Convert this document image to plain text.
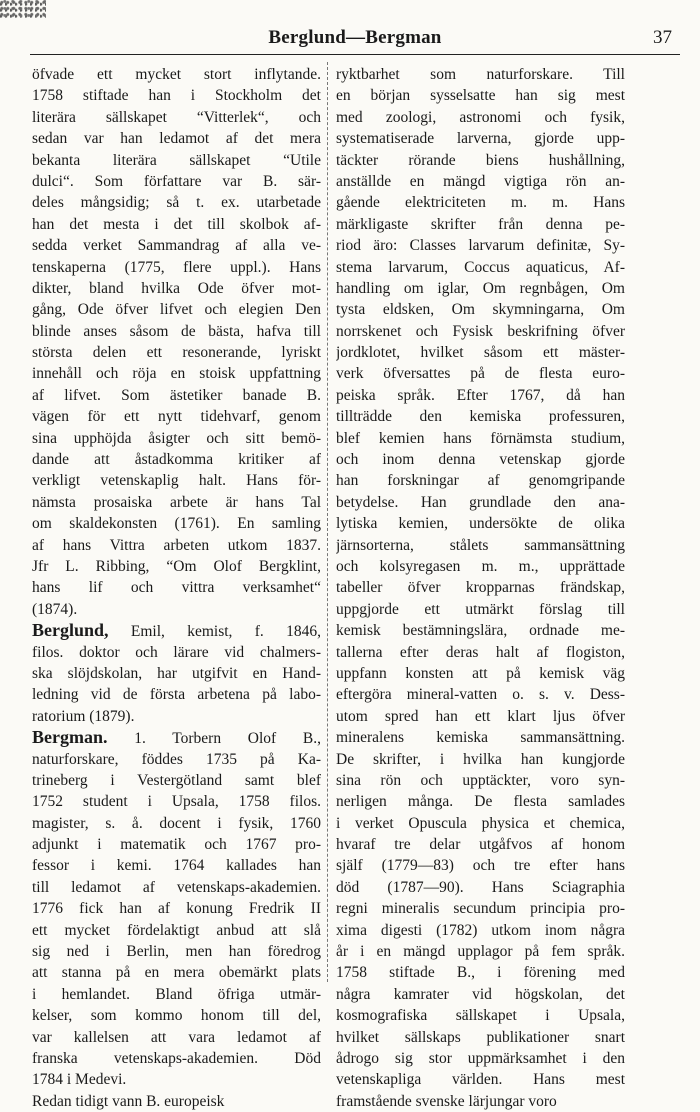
Berglund—Bergman	37
öfvade ett mycket stort inflytande.
1758 stiftade han i Stockholm det
literära sällskapet “Vitterlek“, och
sedan var han ledamot af det mera
bekanta literära sällskapet “Utile
dulci“. Som författare var B. sär-
deles mångsidig; så t. ex. utarbetade
han det mesta i det till skolbok af-
sedda verket Sammandrag af alla ve-
tenskaperna (1775, flere uppl.). Hans
dikter, bland hvilka Ode öfver mot-
gång, Ode öfver lifvet och elegien Den
blinde anses såsom de bästa, hafva till
största delen ett resonerande, lyriskt
innehåll och röja en stoisk uppfattning
af lifvet. Som ästetiker banade B.
vägen för ett nytt tidehvarf, genom
sina upphöjda åsigter och sitt bemö-
dande att åstadkomma kritiker af
verkligt vetenskaplig halt. Hans för-
nämsta prosaiska arbete är hans Tal
om skaldekonsten (1761). En samling
af hans Vittra arbeten utkom 1837.
Jfr L. Ribbing, “Om Olof Bergklint,
hans lif och vittra verksamhet“
(1874).
Berglund, Emil, kemist, f. 1846,
filos. doktor och lärare vid chalmers-
ska slöjdskolan, har utgifvit en Hand-
ledning vid de första arbetena på labo-
ratorium (1879).
Bergman. 1. Torbern Olof B.,
naturforskare, föddes 1735 på Ka-
trineberg i Vestergötland samt blef
1752 student i Upsala, 1758 filos.
magister, s. å. docent i fysik, 1760
adjunkt i matematik och 1767 pro-
fessor i kemi. 1764 kallades han
till ledamot af vetenskaps-akademien.
1776 fick han af konung Fredrik II
ett mycket fördelaktigt anbud att slå
sig ned i Berlin, men han föredrog
att stanna på en mera obemärkt plats
i hemlandet. Bland öfriga utmär-
kelser, som kommo honom till del,
var kallelsen att vara ledamot af
franska vetenskaps-akademien. Död
1784 i Medevi.
Redan tidigt vann B. europeisk
ryktbarhet som naturforskare. Till
en början sysselsatte han sig mest
med zoologi, astronomi och fysik,
systematiserade larverna, gjorde upp-
täckter rörande biens hushållning,
anställde en mängd vigtiga rön an-
gående elektriciteten m. m. Hans
märkligaste skrifter från denna pe-
riod äro: Classes larvarum definitæ, Sy-
stema larvarum, Coccus aquaticus, Af-
handling om iglar, Om regnbågen, Om
tysta eldsken, Om skymningarna, Om
norrskenet och Fysisk beskrifning öfver
jordklotet, hvilket såsom ett mäster-
verk öfversattes på de flesta euro-
peiska språk. Efter 1767, då han
tillträdde den kemiska professuren,
blef kemien hans förnämsta studium,
och inom denna vetenskap gjorde
han forskningar af genomgripande
betydelse. Han grundlade den ana-
lytiska kemien, undersökte de olika
järnsorterna, stålets sammansättning
och kolsyregasen m. m., upprättade
tabeller öfver kropparnas frändskap,
uppgjorde ett utmärkt förslag till
kemisk bestämningslära, ordnade me-
tallerna efter deras halt af flogiston,
uppfann konsten att på kemisk väg
eftergöra mineral-vatten o. s. v. Dess-
utom spred han ett klart ljus öfver
mineralens kemiska sammansättning.
De skrifter, i hvilka han kungjorde
sina rön och upptäckter, voro syn-
nerligen många. De flesta samlades
i verket Opuscula physica et chemica,
hvaraf tre delar utgåfvos af honom
själf (1779—83) och tre efter hans
död (1787—90). Hans Sciagraphia
regni mineralis secundum principia pro-
xima digesti (1782) utkom inom några
år i en mängd upplagor på fem språk.
1758 stiftade B., i förening med
några kamrater vid högskolan, det
kosmografiska sällskapet i Upsala,
hvilket sällskaps publikationer snart
ådrogo sig stor uppmärksamhet i den
vetenskapliga världen. Hans mest
framstående svenske lärjungar voro
